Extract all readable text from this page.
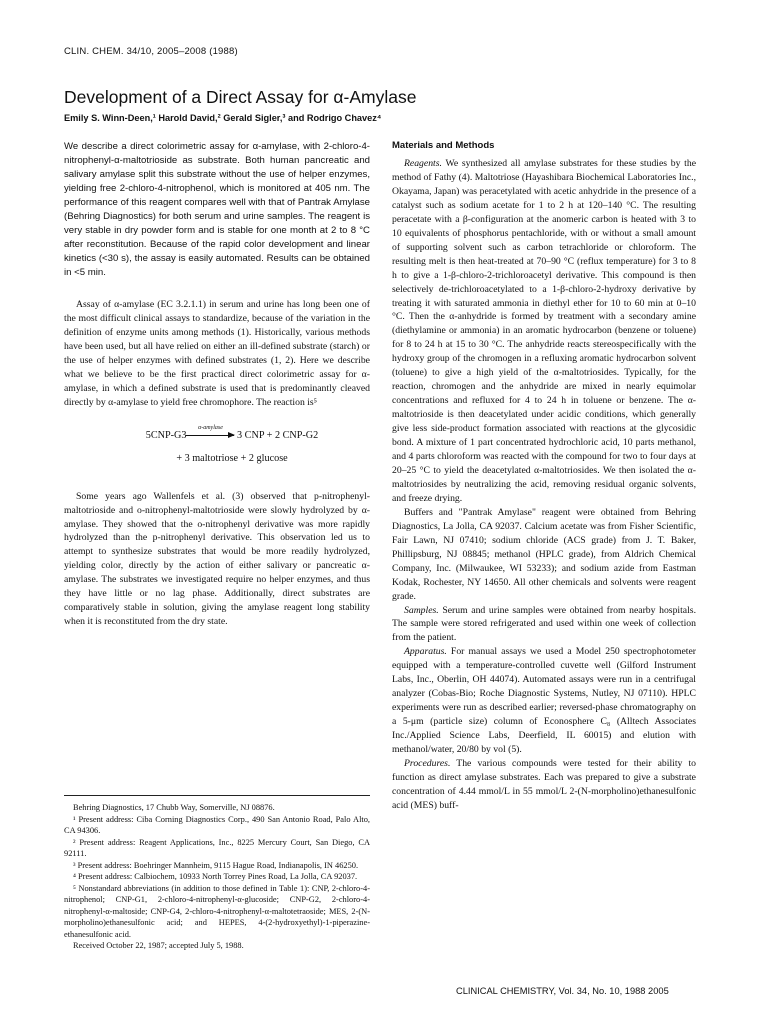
CLIN. CHEM. 34/10, 2005–2008 (1988)
Development of a Direct Assay for α-Amylase
Emily S. Winn-Deen,¹ Harold David,² Gerald Sigler,³ and Rodrigo Chavez⁴

We describe a direct colorimetric assay for α-amylase, with 2-chloro-4-nitrophenyl-α-maltotrioside as substrate. Both human pancreatic and salivary amylase split this substrate without the use of helper enzymes, yielding free 2-chloro-4-nitrophenol, which is monitored at 405 nm. The performance of this reagent compares well with that of Pantrak Amylase (Behring Diagnostics) for both serum and urine samples. The reagent is very stable in dry powder form and is stable for one month at 2 to 8 °C after reconstitution. Because of the rapid color development and linear kinetics (<30 s), the assay is easily automated. Results can be obtained in <5 min.

Assay of α-amylase (EC 3.2.1.1) in serum and urine has long been one of the most difficult clinical assays to standardize, because of the variation in the definition of enzyme units among methods (1). Historically, various methods have been used, but all have relied on either an ill-defined substrate (starch) or the use of helper enzymes with defined substrates (1, 2). Here we describe what we believe to be the first practical direct colorimetric assay for α-amylase, in which a defined substrate is used that is predominantly cleaved directly by α-amylase to yield free chromophore. The reaction is⁵

5CNP-G3
α-amylase
3 CNP + 2 CNP-G2
+ 3 maltotriose + 2 glucose

Some years ago Wallenfels et al. (3) observed that p-nitrophenyl-maltotrioside and o-nitrophenyl-maltotrioside were slowly hydrolyzed by α-amylase. They showed that the o-nitrophenyl derivative was more rapidly hydrolyzed than the p-nitrophenyl derivative. This observation led us to attempt to synthesize substrates that would be more readily hydrolyzed, yielding color, directly by the action of either salivary or pancreatic α-amylase. The substrates we investigated require no helper enzymes, and thus they have little or no lag phase. Additionally, direct substrates are comparatively stable in solution, giving the amylase reagent long stability when it is reconstituted from the dry state.

Behring Diagnostics, 17 Chubb Way, Somerville, NJ 08876.

¹ Present address: Ciba Corning Diagnostics Corp., 490 San Antonio Road, Palo Alto, CA 94306.

² Present address: Reagent Applications, Inc., 8225 Mercury Court, San Diego, CA 92111.

³ Present address: Boehringer Mannheim, 9115 Hague Road, Indianapolis, IN 46250.

⁴ Present address: Calbiochem, 10933 North Torrey Pines Road, La Jolla, CA 92037.

⁵ Nonstandard abbreviations (in addition to those defined in Table 1): CNP, 2-chloro-4-nitrophenol; CNP-G1, 2-chloro-4-nitrophenyl-α-glucoside; CNP-G2, 2-chloro-4-nitrophenyl-α-maltoside; CNP-G4, 2-chloro-4-nitrophenyl-α-maltotetraoside; MES, 2-(N-morpholino)ethanesulfonic acid; and HEPES, 4-(2-hydroxyethyl)-1-piperazine-ethanesulfonic acid.

Received October 22, 1987; accepted July 5, 1988.

Materials and Methods

Reagents. We synthesized all amylase substrates for these studies by the method of Fathy (4). Maltotriose (Hayashibara Biochemical Laboratories Inc., Okayama, Japan) was peracetylated with acetic anhydride in the presence of a catalyst such as sodium acetate for 1 to 2 h at 120–140 °C. The resulting peracetate with a β-configuration at the anomeric carbon is heated with 3 to 10 equivalents of phosphorus pentachloride, with or without a small amount of supporting solvent such as carbon tetrachloride or chloroform. The resulting melt is then heat-treated at 70–90 °C (reflux temperature) for 3 to 8 h to give a 1-β-chloro-2-trichloroacetyl derivative. This compound is then selectively de-trichloroacetylated to a 1-β-chloro-2-hydroxy derivative by treating it with saturated ammonia in diethyl ether for 10 to 60 min at 0–10 °C. Then the α-anhydride is formed by treatment with a secondary amine (diethylamine or ammonia) in an aromatic hydrocarbon (benzene or toluene) for 8 to 24 h at 15 to 30 °C. The anhydride reacts stereospecifically with the hydroxy group of the chromogen in a refluxing aromatic hydrocarbon solvent (toluene) to give a high yield of the α-maltotriosides. Typically, for the reaction, chromogen and the anhydride are mixed in nearly equimolar concentrations and refluxed for 4 to 24 h in toluene or benzene. The α-maltotrioside is then deacetylated under acidic conditions, which generally give less side-product formation associated with reactions at the glycosidic bond. A mixture of 1 part concentrated hydrochloric acid, 10 parts methanol, and 4 parts chloroform was reacted with the compound for two to four days at 20–25 °C to yield the deacetylated α-maltotriosides. We then isolated the α-maltotriosides by neutralizing the acid, removing residual organic solvents, and freeze drying.

Buffers and "Pantrak Amylase" reagent were obtained from Behring Diagnostics, La Jolla, CA 92037. Calcium acetate was from Fisher Scientific, Fair Lawn, NJ 07410; sodium chloride (ACS grade) from J. T. Baker, Phillipsburg, NJ 08845; methanol (HPLC grade), from Aldrich Chemical Company, Inc. (Milwaukee, WI 53233); and sodium azide from Eastman Kodak, Rochester, NY 14650. All other chemicals and solvents were reagent grade.

Samples. Serum and urine samples were obtained from nearby hospitals. The sample were stored refrigerated and used within one week of collection from the patient.

Apparatus. For manual assays we used a Model 250 spectrophotometer equipped with a temperature-controlled cuvette well (Gilford Instrument Labs, Inc., Oberlin, OH 44074). Automated assays were run in a centrifugal analyzer (Cobas-Bio; Roche Diagnostic Systems, Nutley, NJ 07110). HPLC experiments were run as described earlier; reversed-phase chromatography on a 5-μm (particle size) column of Econosphere C₈ (Alltech Associates Inc./Applied Science Labs, Deerfield, IL 60015) and elution with methanol/water, 20/80 by vol (5).

Procedures. The various compounds were tested for their ability to function as direct amylase substrates. Each was prepared to give a substrate concentration of 4.44 mmol/L in 55 mmol/L 2-(N-morpholino)ethanesulfonic acid (MES) buff-

CLINICAL CHEMISTRY, Vol. 34, No. 10, 1988 2005
